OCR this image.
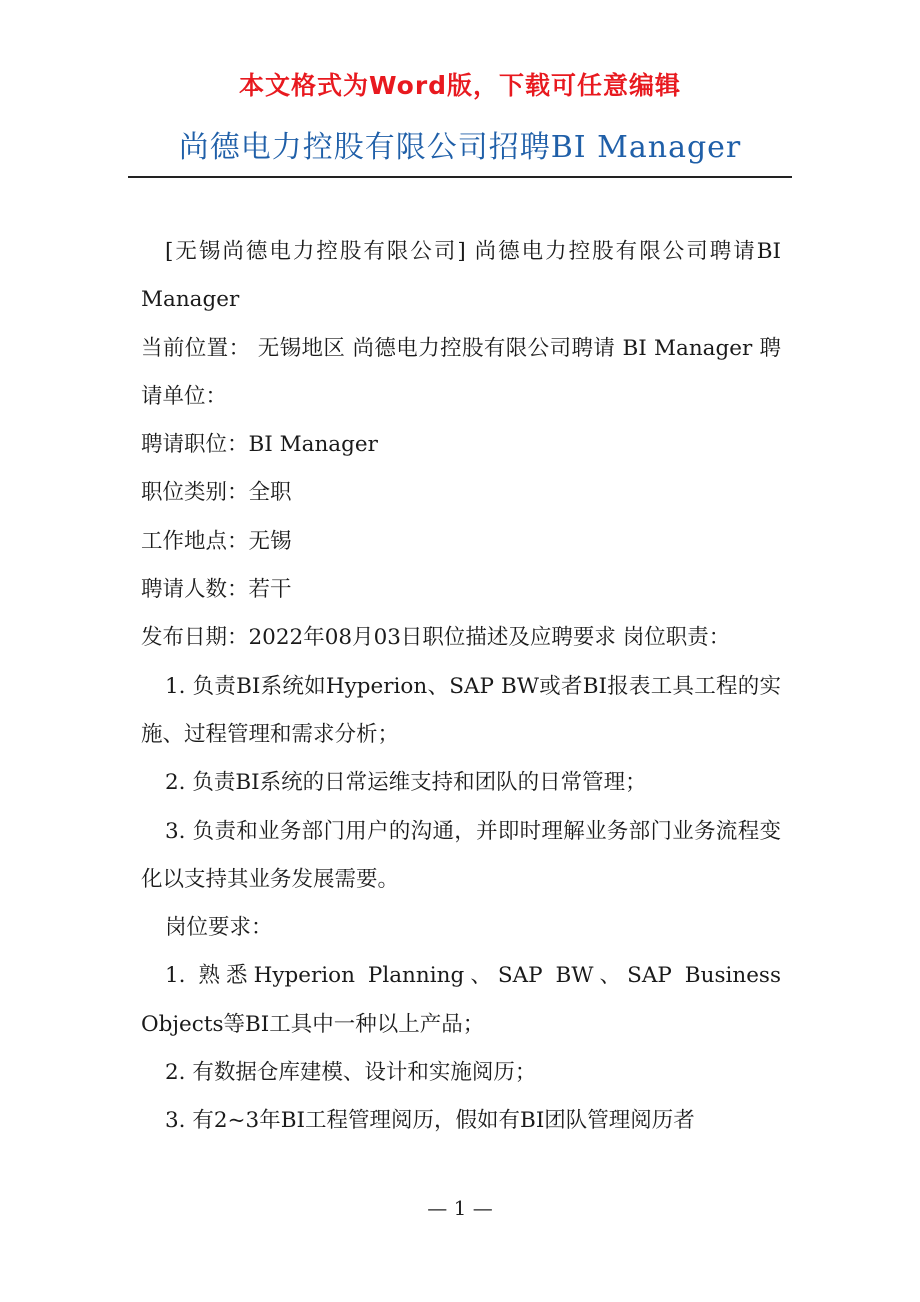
本文格式为Word版，下载可任意编辑
尚德电力控股有限公司招聘BI Manager

[无锡尚德电力控股有限公司] 尚德电力控股有限公司聘请BI Manager

当前位置： 无锡地区 尚德电力控股有限公司聘请 BI Manager 聘请单位：

聘请职位：BI Manager

职位类别：全职

工作地点：无锡

聘请人数：若干

发布日期：2022年08月03日职位描述及应聘要求 岗位职责：

1. 负责BI系统如Hyperion、SAP BW或者BI报表工具工程的实施、过程管理和需求分析；

2. 负责BI系统的日常运维支持和团队的日常管理；

3. 负责和业务部门用户的沟通，并即时理解业务部门业务流程变化以支持其业务发展需要。

岗位要求：

1. 熟悉Hyperion Planning、SAP BW、SAP Business Objects等BI工具中一种以上产品；

2. 有数据仓库建模、设计和实施阅历；

3. 有2~3年BI工程管理阅历，假如有BI团队管理阅历者

— 1 —
